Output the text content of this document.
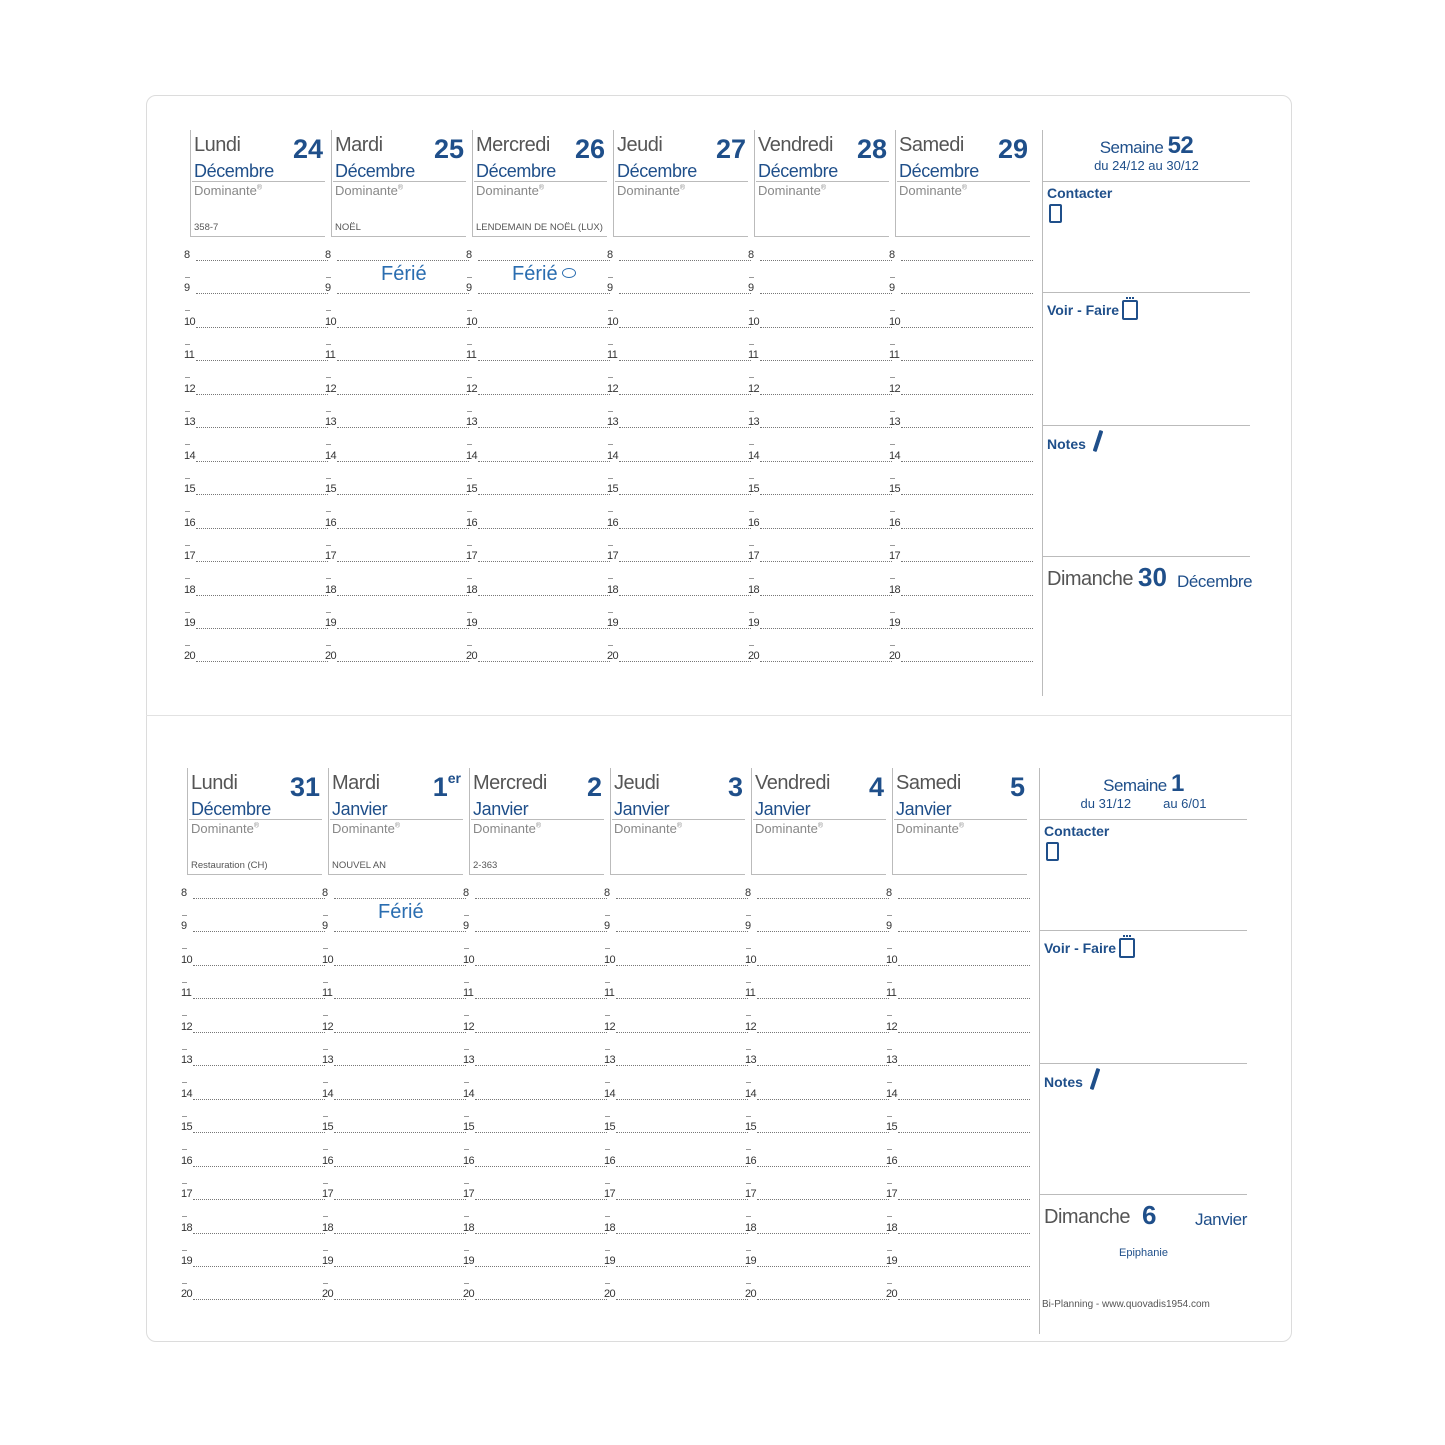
Lundi 24
Décembre
Dominante®
358-7
8
9
10
11
12
13
14
15
16
17
18
19
20
Mardi 25
Décembre
Dominante®
NOËL
8
9
10
11
12
13
14
15
16
17
18
19
20
Férié
Mercredi 26
Décembre
Dominante®
LENDEMAIN DE NOËL (LUX)
8
9
10
11
12
13
14
15
16
17
18
19
20
Férié
Jeudi 27
Décembre
Dominante®
8
9
10
11
12
13
14
15
16
17
18
19
20
Vendredi 28
Décembre
Dominante®
8
9
10
11
12
13
14
15
16
17
18
19
20
Samedi 29
Décembre
Dominante®
8
9
10
11
12
13
14
15
16
17
18
19
20
Semaine 52
du 24/12 au 30/12
Contacter
Voir - Faire
Notes
Dimanche 30 Décembre
Lundi 31
Décembre
Dominante®
Restauration (CH)
8
9
10
11
12
13
14
15
16
17
18
19
20
Mardi 1er
Janvier
Dominante®
NOUVEL AN
8
9
10
11
12
13
14
15
16
17
18
19
20
Férié
Mercredi 2
Janvier
Dominante®
2-363
8
9
10
11
12
13
14
15
16
17
18
19
20
Jeudi	3
Janvier
Dominante®
8
9
10
11
12
13
14
15
16
17
18
19
20
Vendredi 4
Janvier
Dominante®
8
9
10
11
12
13
14
15
16
17
18
19
20
Samedi 5
Janvier
Dominante®
8
9
10
11
12
13
14
15
16
17
18
19
20
Semaine 1
du 31/12 au 6/01
Contacter
Voir - Faire
Notes
Dimanche 6 Janvier
Epiphanie
Bi-Planning - www.quovadis1954.com
